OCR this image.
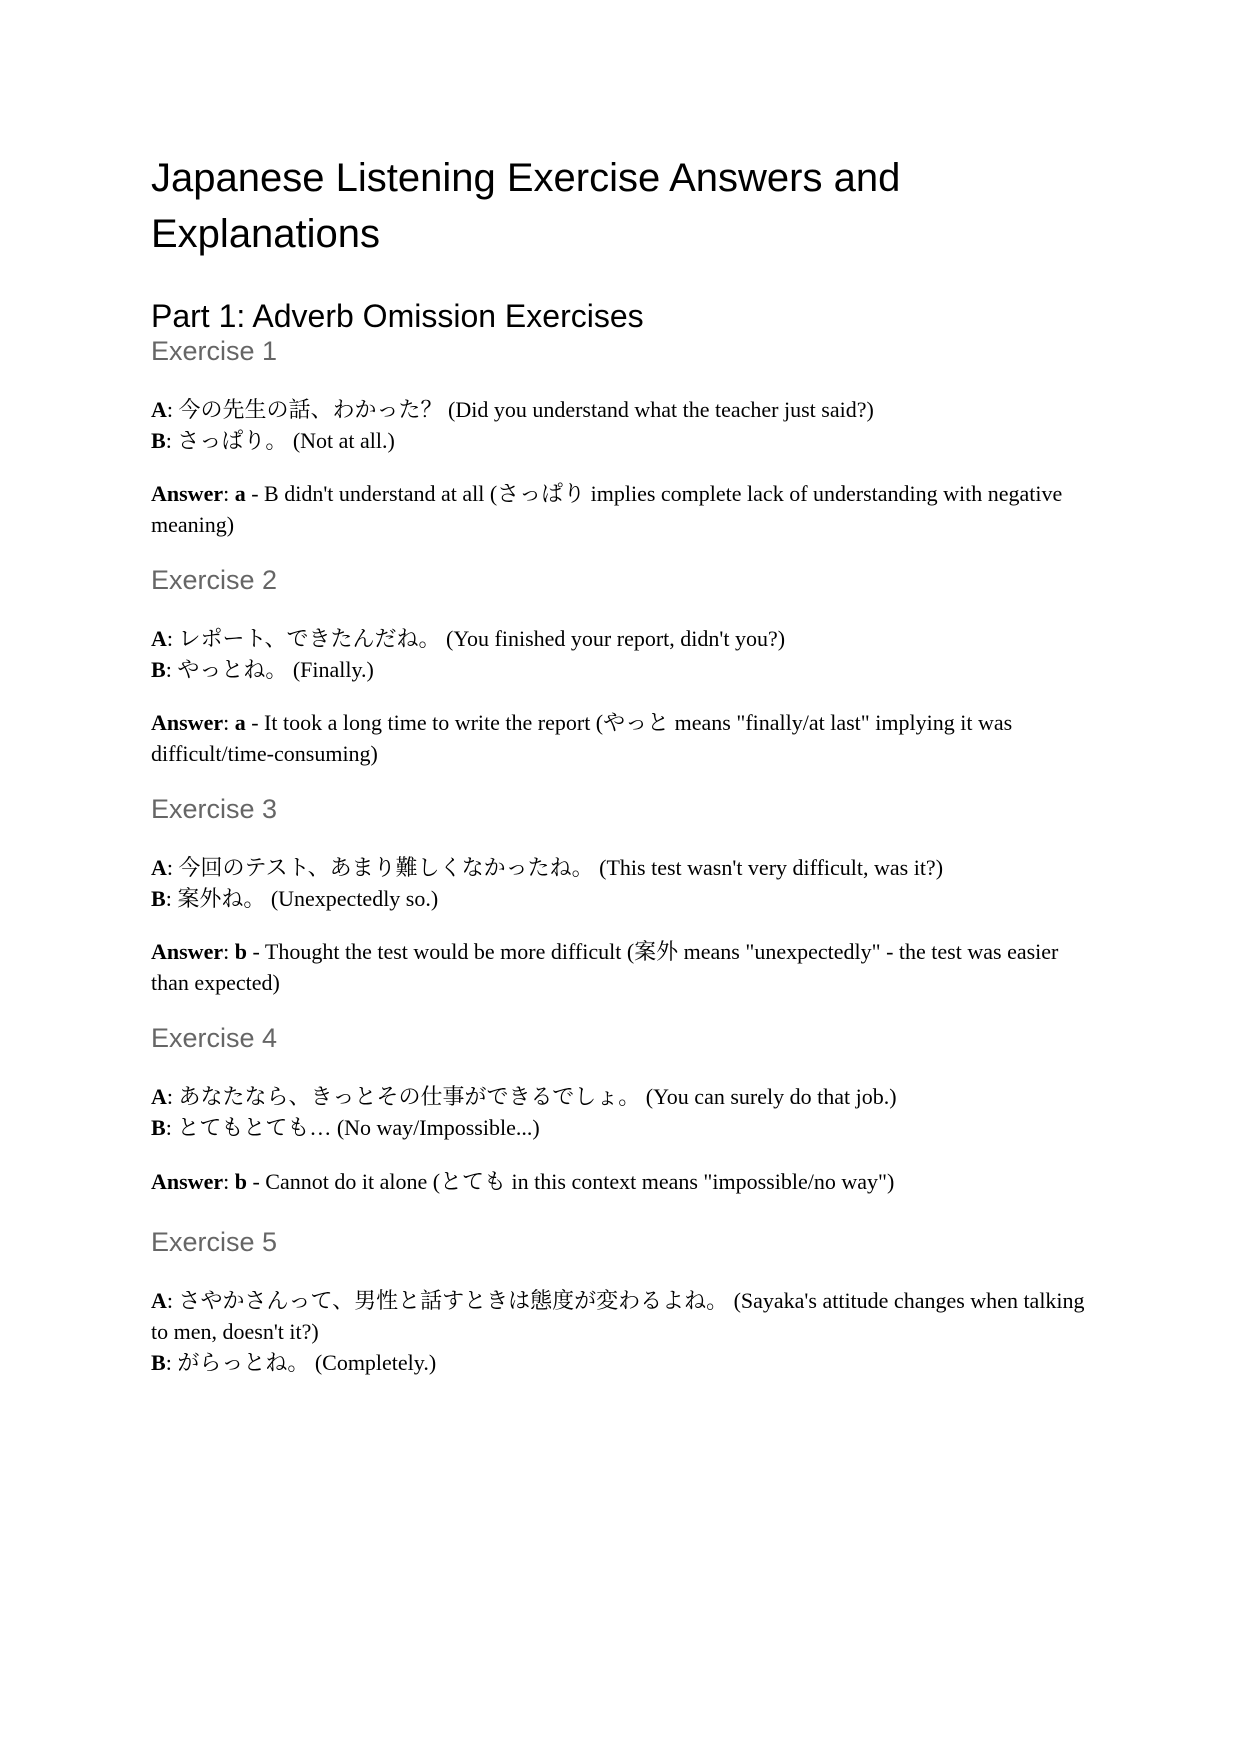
Japanese Listening Exercise Answers and Explanations
Part 1: Adverb Omission Exercises
Exercise 1

A: 今の先生の話、わかった？ (Did you understand what the teacher just said?)
B: さっぱり。 (Not at all.)

Answer: a - B didn't understand at all (さっぱり implies complete lack of understanding with negative meaning)

Exercise 2

A: レポート、できたんだね。 (You finished your report, didn't you?)
B: やっとね。 (Finally.)

Answer: a - It took a long time to write the report (やっと means "finally/at last" implying it was difficult/time-consuming)

Exercise 3

A: 今回のテスト、あまり難しくなかったね。 (This test wasn't very difficult, was it?)
B: 案外ね。 (Unexpectedly so.)

Answer: b - Thought the test would be more difficult (案外 means "unexpectedly" - the test was easier than expected)

Exercise 4

A: あなたなら、きっとその仕事ができるでしょ。 (You can surely do that job.)
B: とてもとても… (No way/Impossible...)

Answer: b - Cannot do it alone (とても in this context means "impossible/no way")

Exercise 5

A: さやかさんって、男性と話すときは態度が変わるよね。 (Sayaka's attitude changes when talking to men, doesn't it?)
B: がらっとね。 (Completely.)
